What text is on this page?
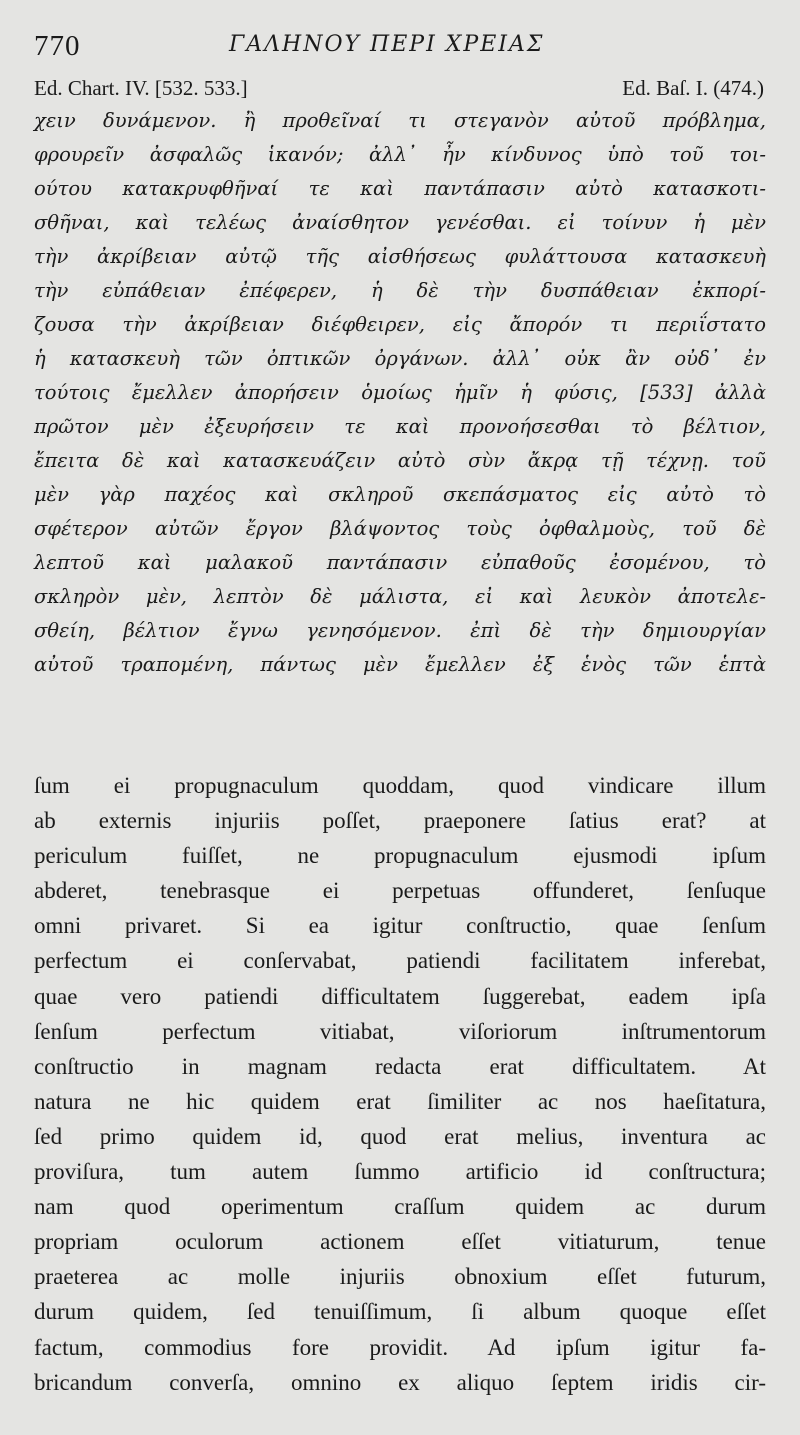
770	ΓΑΛΗΝΟΥ ΠΕΡΙ ΧΡΕΙΑΣ
Ed. Chart. IV. [532. 533.]	Ed. Baſ. I. (474.)
χειν δυνάμενον. ἢ προθεῖναί τι στεγανὸν αὐτοῦ πρόβλημα,
φρουρεῖν ἀσφαλῶς ἱκανόν; ἀλλ᾽ ἦν κίνδυνος ὑπὸ τοῦ τοι-
ούτου κατακρυφθῆναί τε καὶ παντάπασιν αὐτὸ κατασκοτι-
σθῆναι, καὶ τελέως ἀναίσθητον γενέσθαι. εἰ τοίνυν ἡ μὲν
τὴν ἀκρίβειαν αὐτῷ τῆς αἰσθήσεως φυλάττουσα κατασκευὴ
τὴν εὐπάθειαν ἐπέφερεν, ἡ δὲ τὴν δυσπάθειαν ἐκπορί-
ζουσα τὴν ἀκρίβειαν διέφθειρεν, εἰς ἄπορόν τι περιΐστατο
ἡ κατασκευὴ τῶν ὀπτικῶν ὀργάνων. ἀλλ᾽ οὐκ ἂν οὐδ᾽ ἐν
τούτοις ἔμελλεν ἀπορήσειν ὁμοίως ἡμῖν ἡ φύσις, [533] ἀλλὰ
πρῶτον μὲν ἐξευρήσειν τε καὶ προνοήσεσθαι τὸ βέλτιον,
ἔπειτα δὲ καὶ κατασκευάζειν αὐτὸ σὺν ἄκρᾳ τῇ τέχνῃ. τοῦ
μὲν γὰρ παχέος καὶ σκληροῦ σκεπάσματος εἰς αὐτὸ τὸ
σφέτερον αὐτῶν ἔργον βλάψοντος τοὺς ὀφθαλμοὺς, τοῦ δὲ
λεπτοῦ καὶ μαλακοῦ παντάπασιν εὐπαθοῦς ἐσομένου, τὸ
σκληρὸν μὲν, λεπτὸν δὲ μάλιστα, εἰ καὶ λευκὸν ἀποτελε-
σθείη, βέλτιον ἔγνω γενησόμενον. ἐπὶ δὲ τὴν δημιουργίαν
αὐτοῦ τραπομένη, πάντως μὲν ἔμελλεν ἐξ ἑνὸς τῶν ἑπτὰ
ſum ei propugnaculum quoddam, quod vindicare illum
ab externis injuriis poſſet, praeponere ſatius erat? at
periculum fuiſſet, ne propugnaculum ejusmodi ipſum
abderet, tenebrasque ei perpetuas offunderet, ſenſuque
omni privaret. Si ea igitur conſtructio, quae ſenſum
perfectum ei conſervabat, patiendi facilitatem inferebat,
quae vero patiendi difficultatem ſuggerebat, eadem ipſa
ſenſum perfectum vitiabat, viſoriorum inſtrumentorum
conſtructio in magnam redacta erat difficultatem. At
natura ne hic quidem erat ſimiliter ac nos haeſitatura,
ſed primo quidem id, quod erat melius, inventura ac
proviſura, tum autem ſummo artificio id conſtructura;
nam quod operimentum craſſum quidem ac durum
propriam oculorum actionem eſſet vitiaturum, tenue
praeterea ac molle injuriis obnoxium eſſet futurum,
durum quidem, ſed tenuiſſimum, ſi album quoque eſſet
factum, commodius fore providit. Ad ipſum igitur fa-
bricandum converſa, omnino ex aliquo ſeptem iridis cir-
